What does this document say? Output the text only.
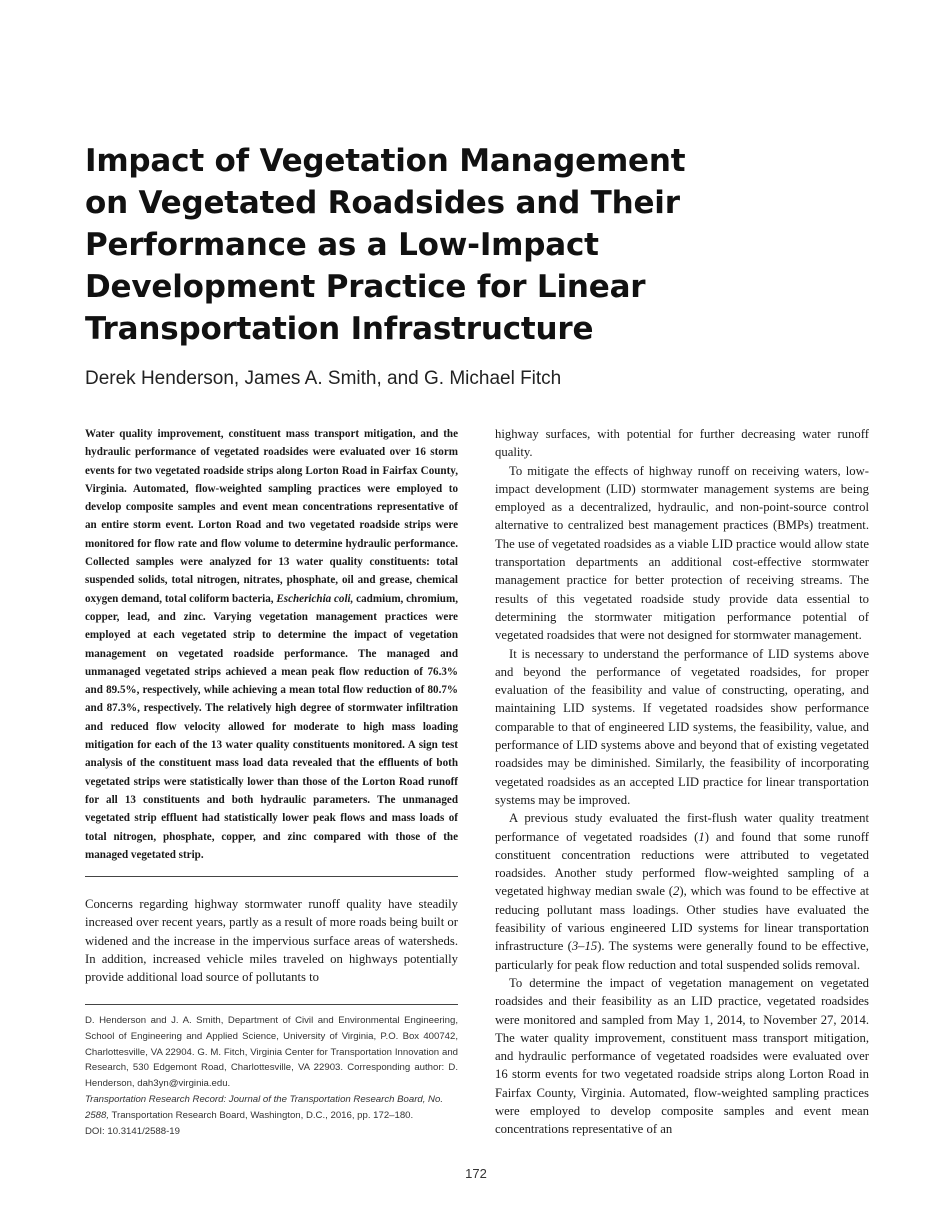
Impact of Vegetation Management
on Vegetated Roadsides and Their
Performance as a Low-Impact
Development Practice for Linear
Transportation Infrastructure
Derek Henderson, James A. Smith, and G. Michael Fitch

Water quality improvement, constituent mass transport mitigation, and the hydraulic performance of vegetated roadsides were evaluated over 16 storm events for two vegetated roadside strips along Lorton Road in Fairfax County, Virginia. Automated, flow-weighted sampling practices were employed to develop composite samples and event mean concentrations representative of an entire storm event. Lorton Road and two vegetated roadside strips were monitored for flow rate and flow volume to determine hydraulic performance. Collected samples were analyzed for 13 water quality constituents: total suspended solids, total nitrogen, nitrates, phosphate, oil and grease, chemical oxygen demand, total coliform bacteria, Escherichia coli, cadmium, chromium, copper, lead, and zinc. Varying vegetation management practices were employed at each vegetated strip to determine the impact of vegetation management on vegetated roadside performance. The managed and unmanaged vegetated strips achieved a mean peak flow reduction of 76.3% and 89.5%, respectively, while achieving a mean total flow reduction of 80.7% and 87.3%, respectively. The relatively high degree of stormwater infiltration and reduced flow velocity allowed for moderate to high mass loading mitigation for each of the 13 water quality constituents monitored. A sign test analysis of the constituent mass load data revealed that the effluents of both vegetated strips were statistically lower than those of the Lorton Road runoff for all 13 constituents and both hydraulic parameters. The unmanaged vegetated strip effluent had statistically lower peak flows and mass loads of total nitrogen, phosphate, copper, and zinc compared with those of the managed vegetated strip.

Concerns regarding highway stormwater runoff quality have steadily increased over recent years, partly as a result of more roads being built or widened and the increase in the impervious surface areas of watersheds. In addition, increased vehicle miles traveled on highways potentially provide additional load source of pollutants to

D. Henderson and J. A. Smith, Department of Civil and Environmental Engineering, School of Engineering and Applied Science, University of Virginia, P.O. Box 400742, Charlottesville, VA 22904. G. M. Fitch, Virginia Center for Transportation Innovation and Research, 530 Edgemont Road, Charlottesville, VA 22903. Corresponding author: D. Henderson, dah3yn@virginia.edu.

Transportation Research Record: Journal of the Transportation Research Board, No. 2588, Transportation Research Board, Washington, D.C., 2016, pp. 172–180.
DOI: 10.3141/2588-19

highway surfaces, with potential for further decreasing water runoff quality.

To mitigate the effects of highway runoff on receiving waters, low-impact development (LID) stormwater management systems are being employed as a decentralized, hydraulic, and non-point-source control alternative to centralized best management practices (BMPs) treatment. The use of vegetated roadsides as a viable LID practice would allow state transportation departments an additional cost-effective stormwater management practice for better protection of receiving streams. The results of this vegetated roadside study provide data essential to determining the stormwater mitigation performance potential of vegetated roadsides that were not designed for stormwater management.

It is necessary to understand the performance of LID systems above and beyond the performance of vegetated roadsides, for proper evaluation of the feasibility and value of constructing, operating, and maintaining LID systems. If vegetated roadsides show performance comparable to that of engineered LID systems, the feasibility, value, and performance of LID systems above and beyond that of existing vegetated roadsides may be diminished. Similarly, the feasibility of incorporating vegetated roadsides as an accepted LID practice for linear transportation systems may be improved.

A previous study evaluated the first-flush water quality treatment performance of vegetated roadsides (1) and found that some runoff constituent concentration reductions were attributed to vegetated roadsides. Another study performed flow-weighted sampling of a vegetated highway median swale (2), which was found to be effective at reducing pollutant mass loadings. Other studies have evaluated the feasibility of various engineered LID systems for linear transportation infrastructure (3–15). The systems were generally found to be effective, particularly for peak flow reduction and total suspended solids removal.

To determine the impact of vegetation management on vegetated roadsides and their feasibility as an LID practice, vegetated roadsides were monitored and sampled from May 1, 2014, to November 27, 2014. The water quality improvement, constituent mass transport mitigation, and hydraulic performance of vegetated roadsides were evaluated over 16 storm events for two vegetated roadside strips along Lorton Road in Fairfax County, Virginia. Automated, flow-weighted sampling practices were employed to develop composite samples and event mean concentrations representative of an

172
